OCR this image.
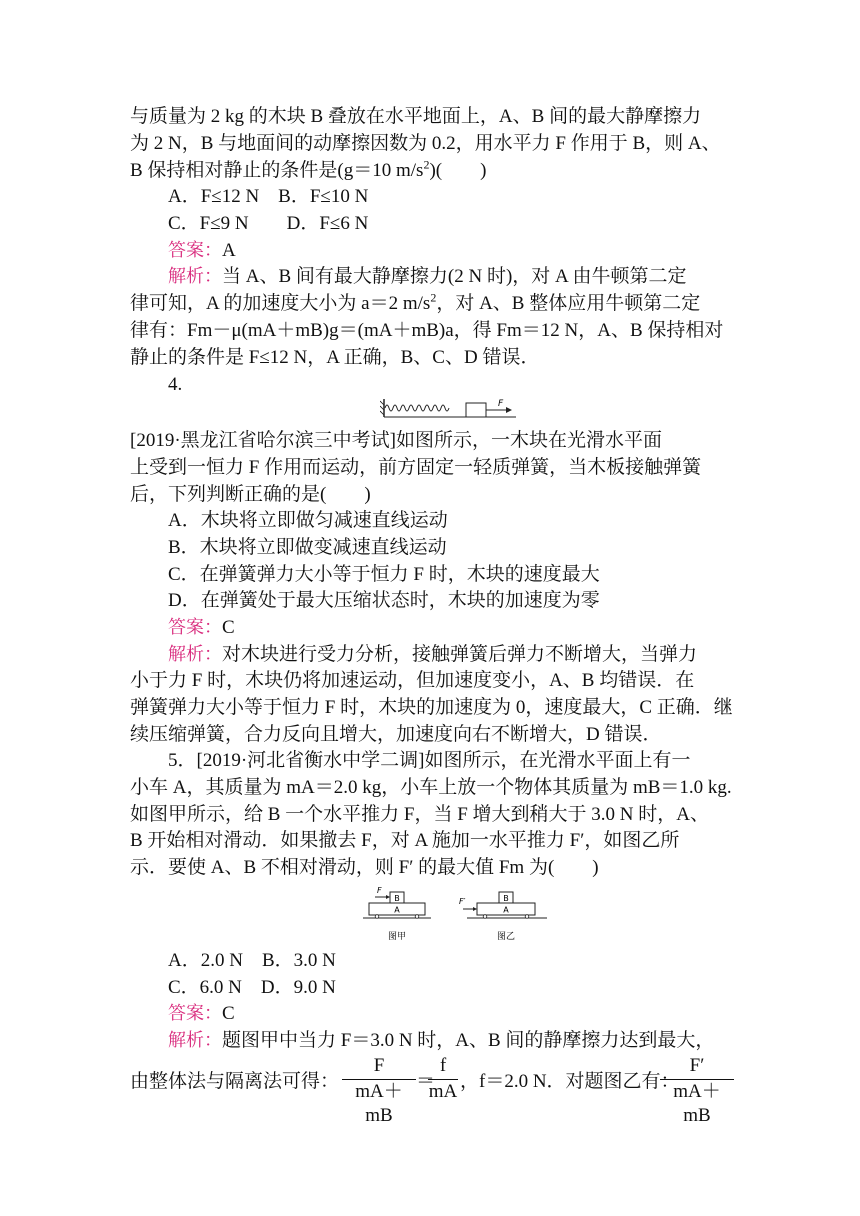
与质量为 2 kg 的木块 B 叠放在水平地面上，A、B 间的最大静摩擦力
为 2 N，B 与地面间的动摩擦因数为 0.2，用水平力 F 作用于 B，则 A、
B 保持相对静止的条件是(g＝10 $m/s^2$)(　　)
A．F≤12 N　B．F≤10 N
C．F≤9 N　　D．F≤6 N
答案：A
解析：当 A、B 间有最大静摩擦力(2 N 时)，对 A 由牛顿第二定
律可知，A 的加速度大小为 a＝2 $m/s^2$，对 A、B 整体应用牛顿第二定
律有：Fm－μ(mA＋mB)g＝(mA＋mB)a，得 Fm＝12 N，A、B 保持相对
静止的条件是 F≤12 N，A 正确，B、C、D 错误．
4.
F
[2019·黑龙江省哈尔滨三中考试]如图所示，一木块在光滑水平面
上受到一恒力 F 作用而运动，前方固定一轻质弹簧，当木板接触弹簧
后，下列判断正确的是(　　)
A．木块将立即做匀减速直线运动
B．木块将立即做变减速直线运动
C．在弹簧弹力大小等于恒力 F 时，木块的速度最大
D．在弹簧处于最大压缩状态时，木块的加速度为零
答案：C
解析：对木块进行受力分析，接触弹簧后弹力不断增大，当弹力
小于力 F 时，木块仍将加速运动，但加速度变小，A、B 均错误．在
弹簧弹力大小等于恒力 F 时，木块的加速度为 0，速度最大，C 正确．继
续压缩弹簧，合力反向且增大，加速度向右不断增大，D 错误．
5．[2019·河北省衡水中学二调]如图所示，在光滑水平面上有一
小车 A，其质量为 mA＝2.0 kg，小车上放一个物体其质量为 mB＝1.0 kg.
如图甲所示，给 B 一个水平推力 F，当 F 增大到稍大于 3.0 N 时，A、
B 开始相对滑动．如果撤去 F，对 A 施加一水平推力 F′，如图乙所
示．要使 A、B 不相对滑动，则 F′ 的最大值 Fm 为(　　)
B
A
F
图甲
B
A
F′
图乙
A．2.0 N　B．3.0 N
C．6.0 N　D．9.0 N
答案：C
解析：题图甲中当力 F＝3.0 N 时，A、B 间的静摩擦力达到最大，
由整体法与隔离法可得： $\frac{F}{mA+mB}$ ＝
$\frac{f}{mA}$ ，f＝2.0 N．对题图乙有：
$\frac{F'}{mA+mB}$
